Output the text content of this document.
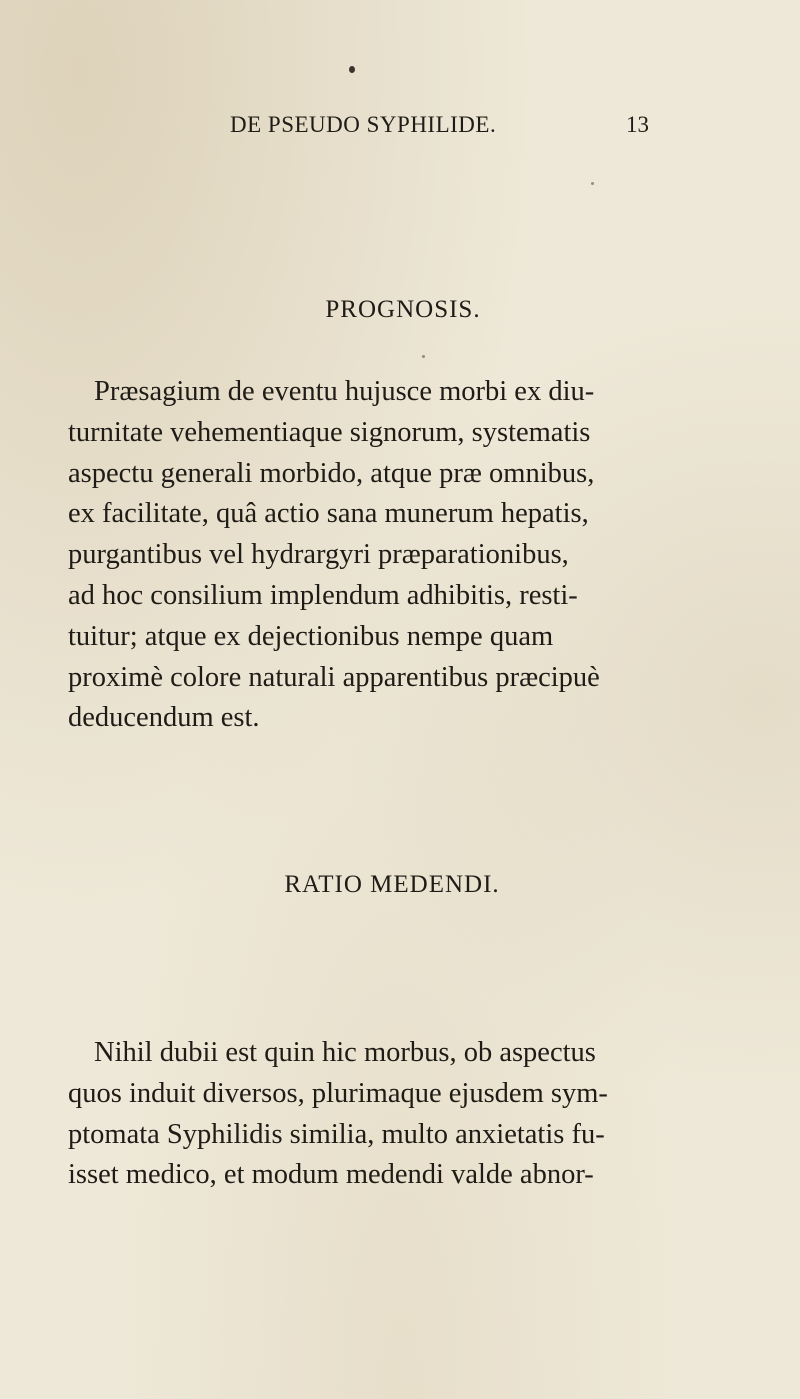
DE PSEUDO SYPHILIDE.	13
PROGNOSIS.

Præsagium de eventu hujusce morbi ex diu-
turnitate vehementiaque signorum, systematis
aspectu generali morbido, atque præ omnibus,
ex facilitate, quâ actio sana munerum hepatis,
purgantibus vel hydrargyri præparationibus,
ad hoc consilium implendum adhibitis, resti-
tuitur; atque ex dejectionibus nempe quam
proximè colore naturali apparentibus præcipuè
deducendum est.

RATIO MEDENDI.

Nihil dubii est quin hic morbus, ob aspectus
quos induit diversos, plurimaque ejusdem sym-
ptomata Syphilidis similia, multo anxietatis fu-
isset medico, et modum medendi valde abnor-
